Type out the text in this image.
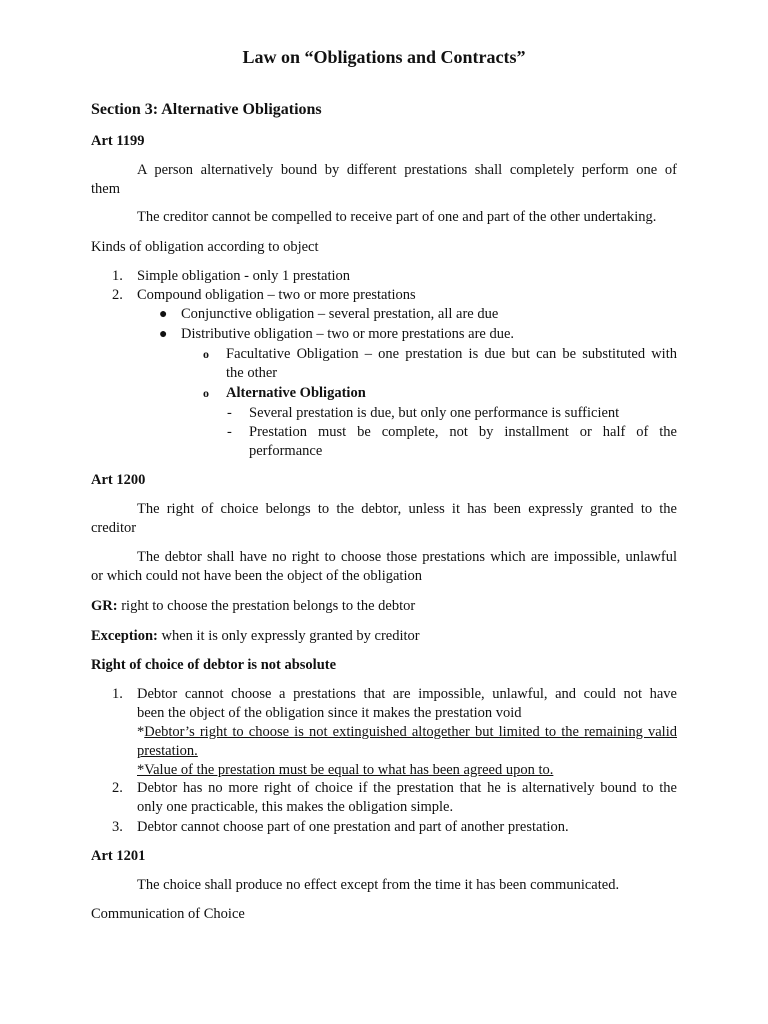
Law on “Obligations and Contracts”
Section 3: Alternative Obligations
Art 1199
A person alternatively bound by different prestations shall completely perform one of
them
The creditor cannot be compelled to receive part of one and part of the other undertaking.
Kinds of obligation according to object
1. Simple obligation - only 1 prestation
2. Compound obligation – two or more prestations
● Conjunctive obligation – several prestation, all are due
● Distributive obligation – two or more prestations are due.
o Facultative Obligation – one prestation is due but can be substituted with
the other
o Alternative Obligation
- Several prestation is due, but only one performance is sufficient
- Prestation must be complete, not by installment or half of the
performance
Art 1200
The right of choice belongs to the debtor, unless it has been expressly granted to the
creditor
The debtor shall have no right to choose those prestations which are impossible, unlawful
or which could not have been the object of the obligation
GR: right to choose the prestation belongs to the debtor
Exception: when it is only expressly granted by creditor
Right of choice of debtor is not absolute
1. Debtor cannot choose a prestations that are impossible, unlawful, and could not have
been the object of the obligation since it makes the prestation void
* Debtor’s right to choose is not extinguished altogether but limited to the remaining valid
prestation.
*Value of the prestation must be equal to what has been agreed upon to.
2. Debtor has no more right of choice if the prestation that he is alternatively bound to the
only one practicable, this makes the obligation simple.
3. Debtor cannot choose part of one prestation and part of another prestation.
Art 1201
The choice shall produce no effect except from the time it has been communicated.
Communication of Choice
